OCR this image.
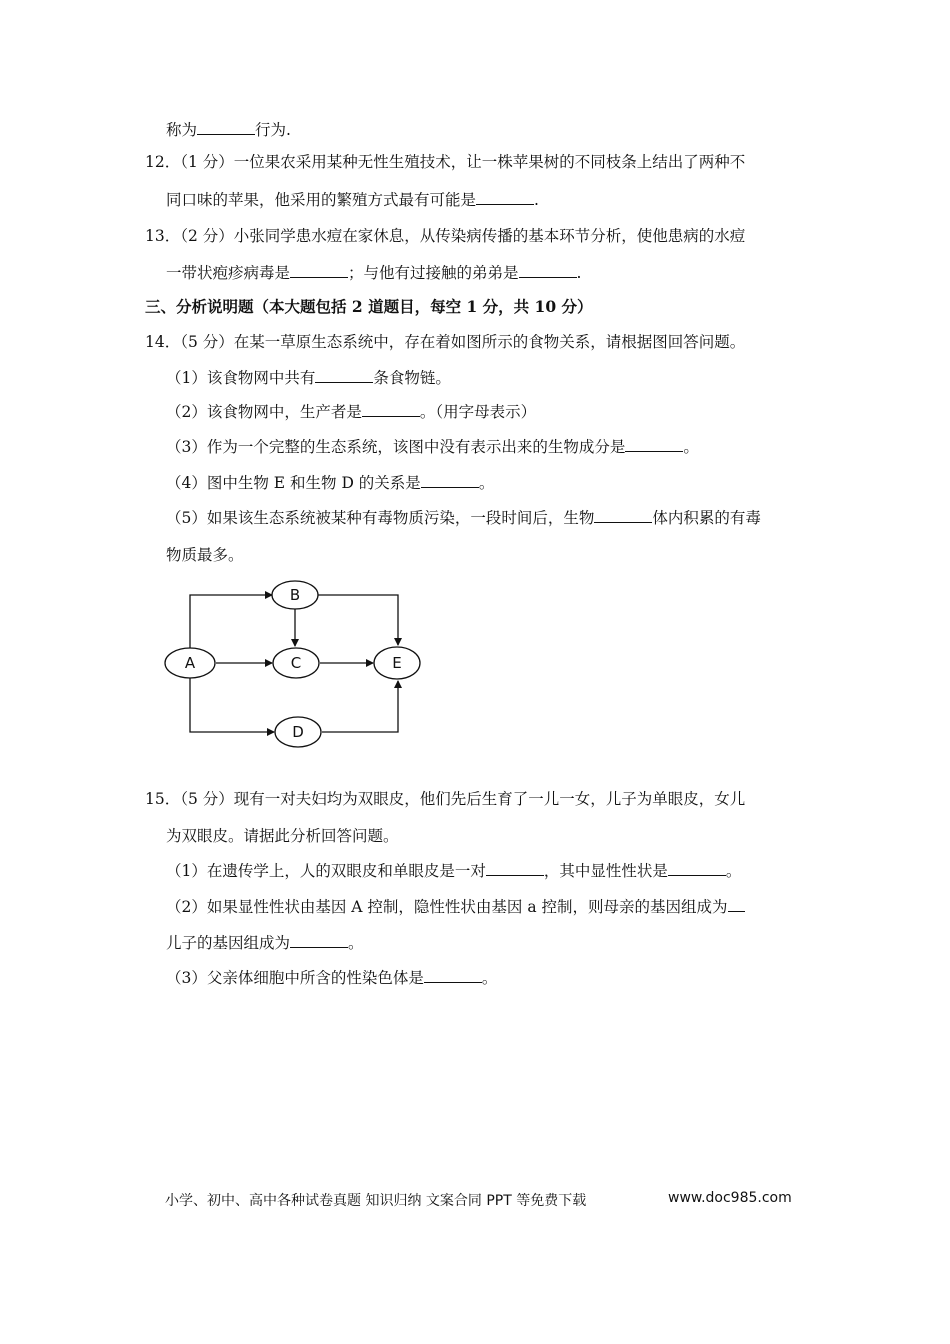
称为	行为.
12．（1 分）一位果农采用某种无性生殖技术，让一株苹果树的不同枝条上结出了两种不
同口味的苹果，他采用的繁殖方式最有可能是	.
13．（2 分）小张同学患水痘在家休息，从传染病传播的基本环节分析，使他患病的水痘
一带状疱疹病毒是	；与他有过接触的弟弟是	.
三、分析说明题（本大题包括 2 道题目，每空 1 分，共 10 分）
14．（5 分）在某一草原生态系统中，存在着如图所示的食物关系，请根据图回答问题。
（1）该食物网中共有	条食物链。
（2）该食物网中，生产者是	。（用字母表示）
（3）作为一个完整的生态系统，该图中没有表示出来的生物成分是	。
（4）图中生物 E 和生物 D 的关系是	。
（5）如果该生态系统被某种有毒物质污染，一段时间后，生物	体内积累的有毒
物质最多。
A
B
C
D
E
15．（5 分）现有一对夫妇均为双眼皮，他们先后生育了一儿一女，儿子为单眼皮，女儿
为双眼皮。请据此分析回答问题。
（1）在遗传学上，人的双眼皮和单眼皮是一对	，其中显性性状是	。
（2）如果显性性状由基因 A 控制，隐性性状由基因 a 控制，则母亲的基因组成为
儿子的基因组成为	。
（3）父亲体细胞中所含的性染色体是	。
小学、初中、高中各种试卷真题 知识归纳 文案合同 PPT 等免费下载	www.doc985.com
